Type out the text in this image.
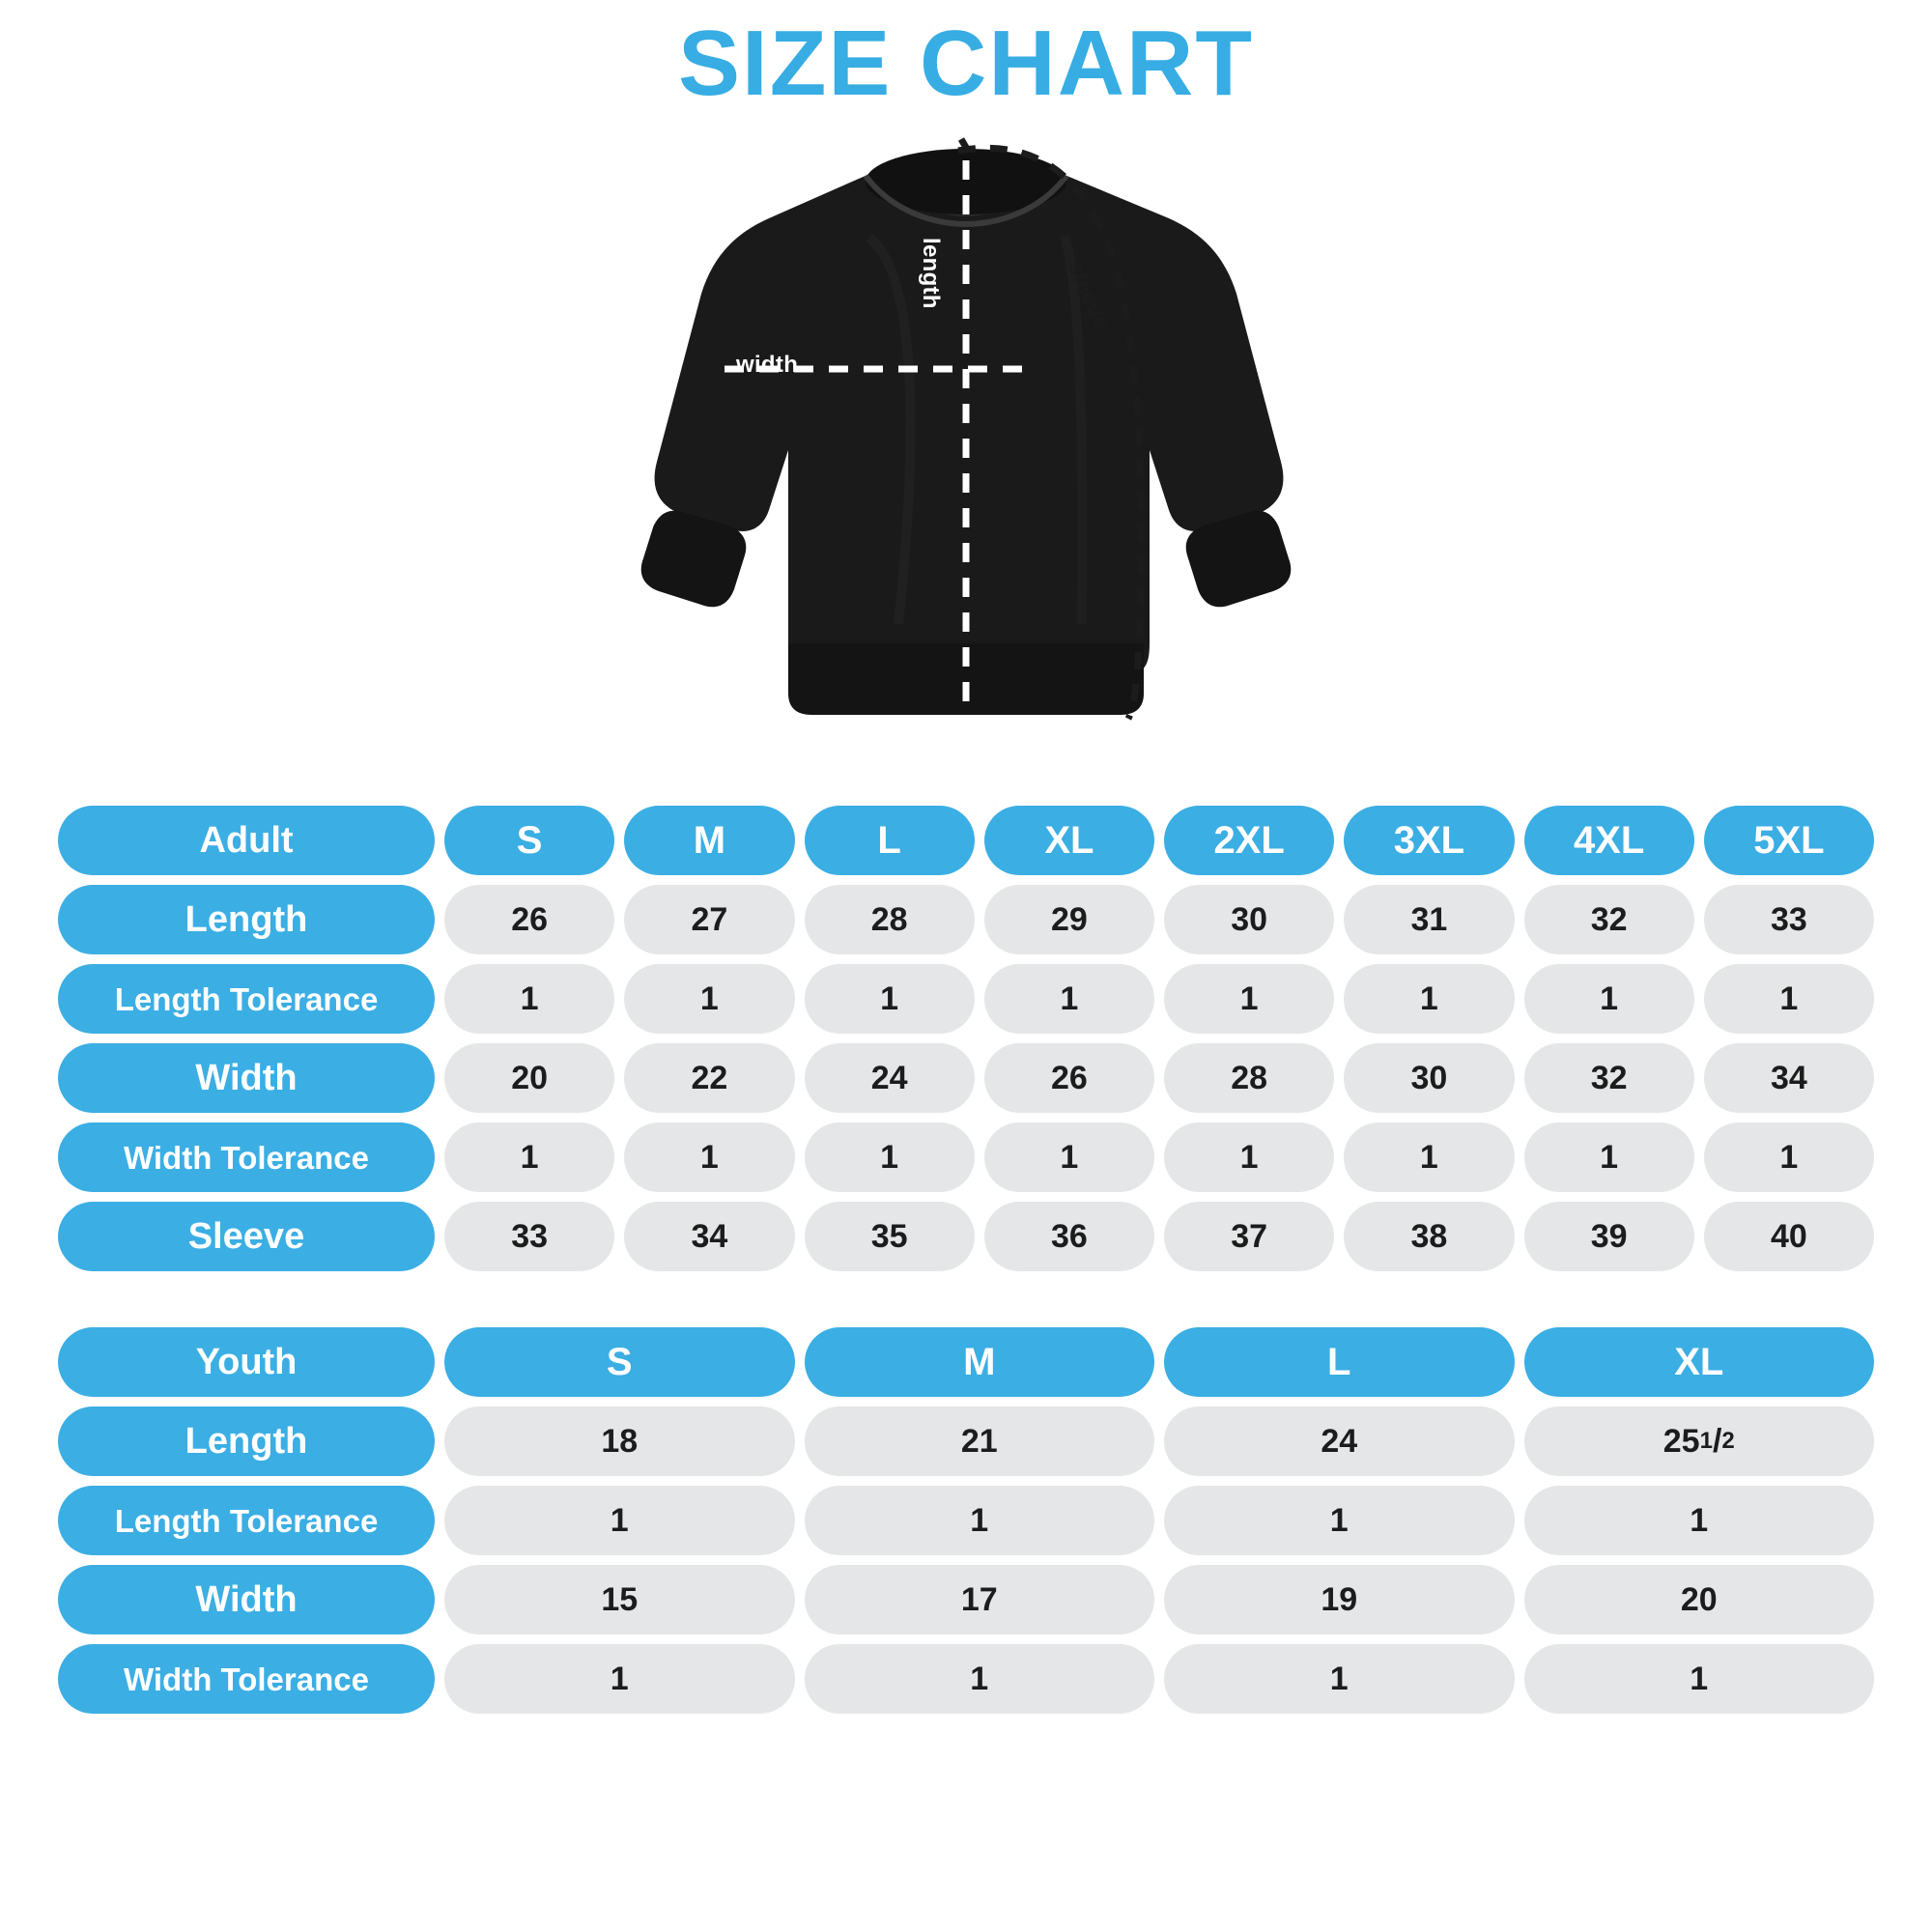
SIZE CHART
width
length	sleeve
Adult	S	M	L	XL	2XL	3XL	4XL	5XL

Length	26	27	28	29	30	31	32	33

Length Tolerance	1	1	1	1	1	1	1	1

Width	20	22	24	26	28	30	32	34

Width Tolerance	1	1	1	1	1	1	1	1

Sleeve	33	34	35	36	37	38	39	40
Youth	S	M	L	XL

Length	18	21	24	25 1 / 2

Length Tolerance	1	1	1	1

Width	15	17	19	20

Width Tolerance	1	1	1	1
